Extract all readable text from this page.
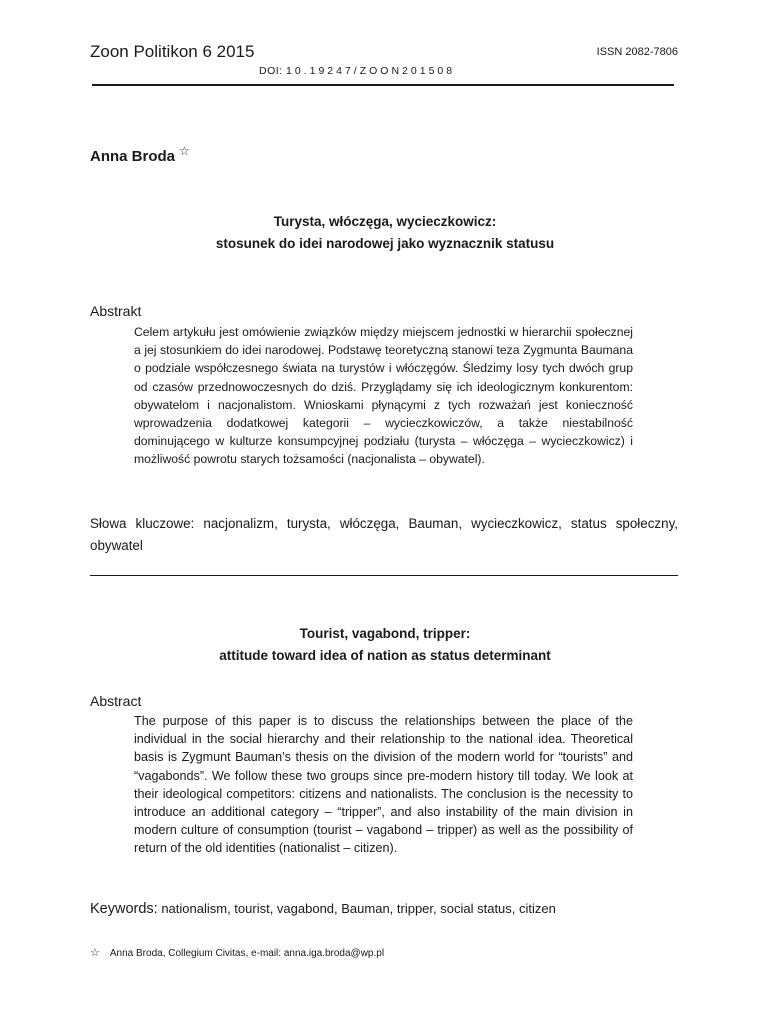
Zoon Politikon 6 2015	ISSN 2082-7806
DOI: 10.19247/ZOON201508
Anna Broda ☆
Turysta, włóczęga, wycieczkowicz:
stosunek do idei narodowej jako wyznacznik statusu
Abstrakt
Celem artykułu jest omówienie związków między miejscem jednostki w hierarchii społecznej a jej stosunkiem do idei narodowej. Podstawę teoretyczną stanowi teza Zygmunta Baumana o podziale współczesnego świata na turystów i włóczęgów. Śledzimy losy tych dwóch grup od czasów przednowoczesnych do dziś. Przyglądamy się ich ideologicznym konkurentom: obywatelom i nacjonalistom. Wnioskami płynącymi z tych rozważań jest konieczność wprowadzenia dodatkowej kategorii – wycieczkowiczów, a także niestabilność dominującego w kulturze konsumpcyjnej podziału (turysta – włóczęga – wycieczkowicz) i możliwość powrotu starych tożsamości (nacjonalista – obywatel).
Słowa kluczowe: nacjonalizm, turysta, włóczęga, Bauman, wycieczkowicz, status społeczny, obywatel
Tourist, vagabond, tripper:
attitude toward idea of nation as status determinant
Abstract
The purpose of this paper is to discuss the relationships between the place of the individual in the social hierarchy and their relationship to the national idea. Theoretical basis is Zygmunt Bauman’s thesis on the division of the modern world for “tourists” and “vagabonds”. We follow these two groups since pre-modern history till today. We look at their ideological competitors: citizens and nationalists. The conclusion is the necessity to introduce an additional category – “tripper”, and also instability of the main division in modern culture of consumption (tourist – vagabond – tripper) as well as the possibility of return of the old identities (nationalist – citizen).
Keywords: nationalism, tourist, vagabond, Bauman, tripper, social status, citizen
☆ Anna Broda, Collegium Civitas, e-mail: anna.iga.broda@wp.pl
